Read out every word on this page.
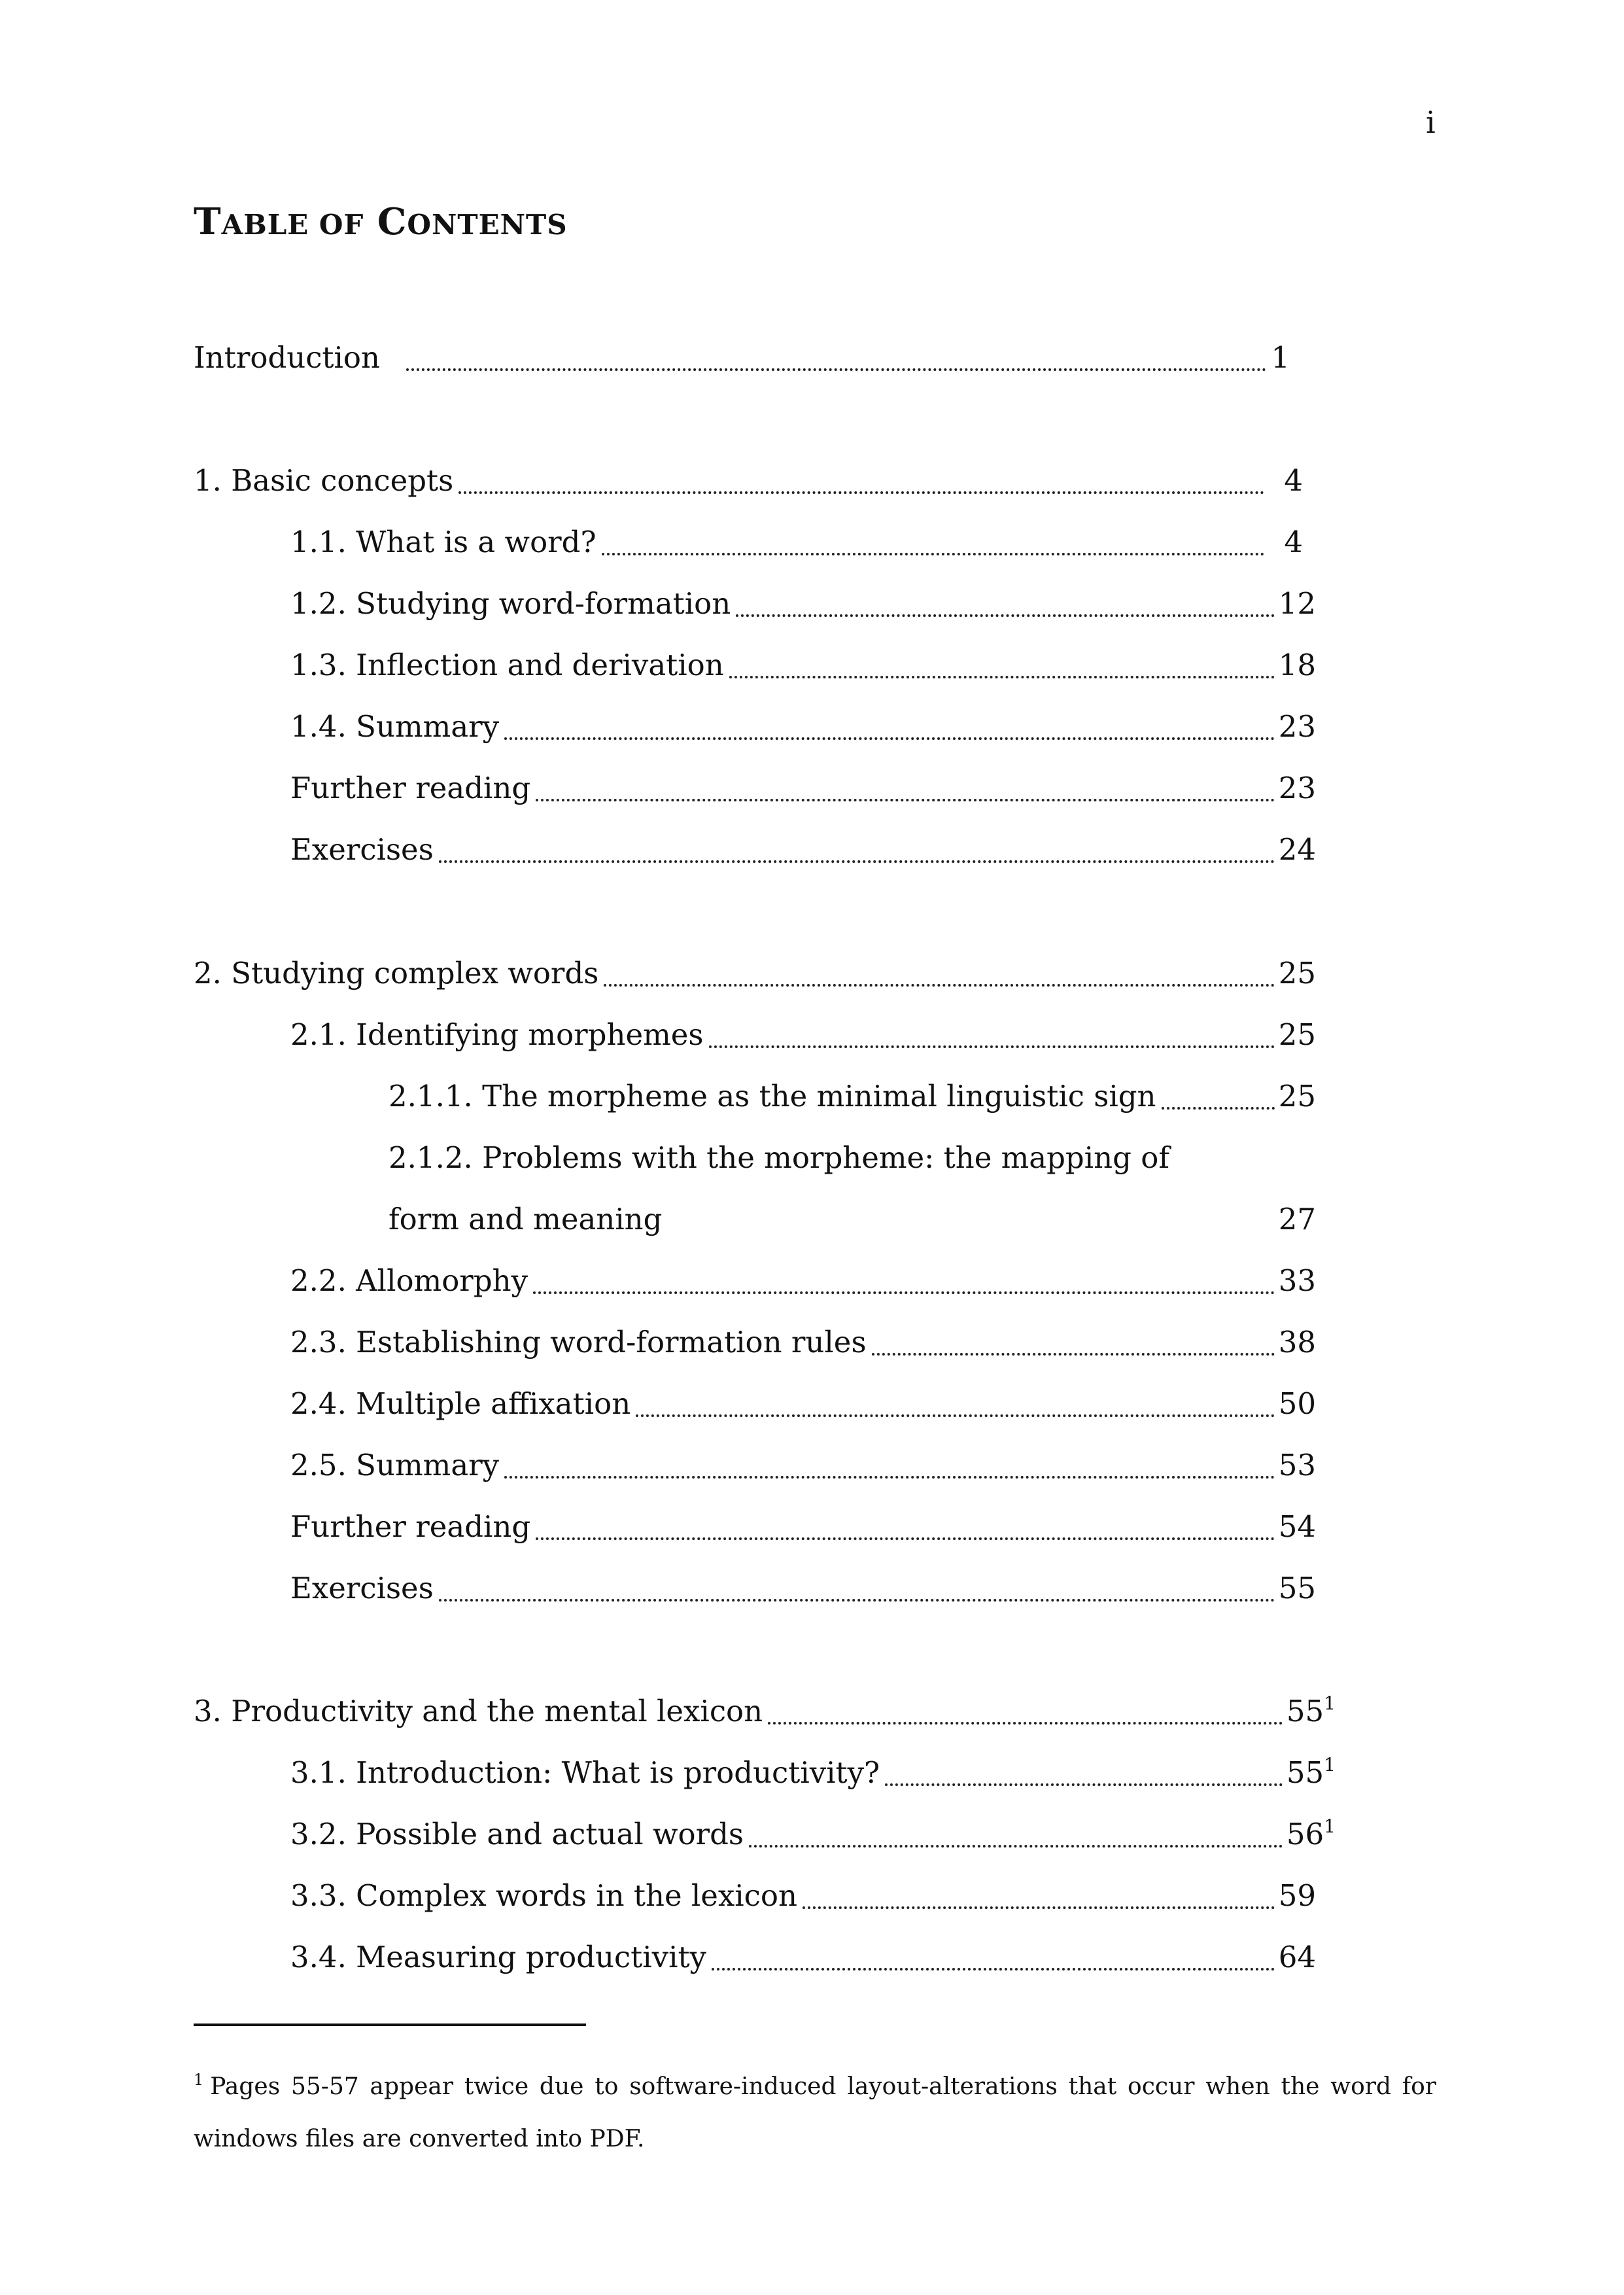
i
TABLE OF CONTENTS
Introduction	1
1. Basic concepts	4
1.1. What is a word?	4
1.2. Studying word-formation	12
1.3. Inflection and derivation	18
1.4. Summary	23
Further reading	23
Exercises	24
2. Studying complex words	25
2.1. Identifying morphemes	25
2.1.1. The morpheme as the minimal linguistic sign	25
2.1.2. Problems with the morpheme: the mapping of
form and meaning	27
2.2. Allomorphy	33
2.3. Establishing word-formation rules	38
2.4. Multiple affixation	50
2.5. Summary	53
Further reading	54
Exercises	55
3. Productivity and the mental lexicon	$55^1$
3.1. Introduction: What is productivity?	$55^1$
3.2. Possible and actual words	$56^1$
3.3. Complex words in the lexicon	59
3.4. Measuring productivity	64

$^1$ Pages 55-57 appear twice due to software-induced layout-alterations that occur when the word for windows files are converted into PDF.
